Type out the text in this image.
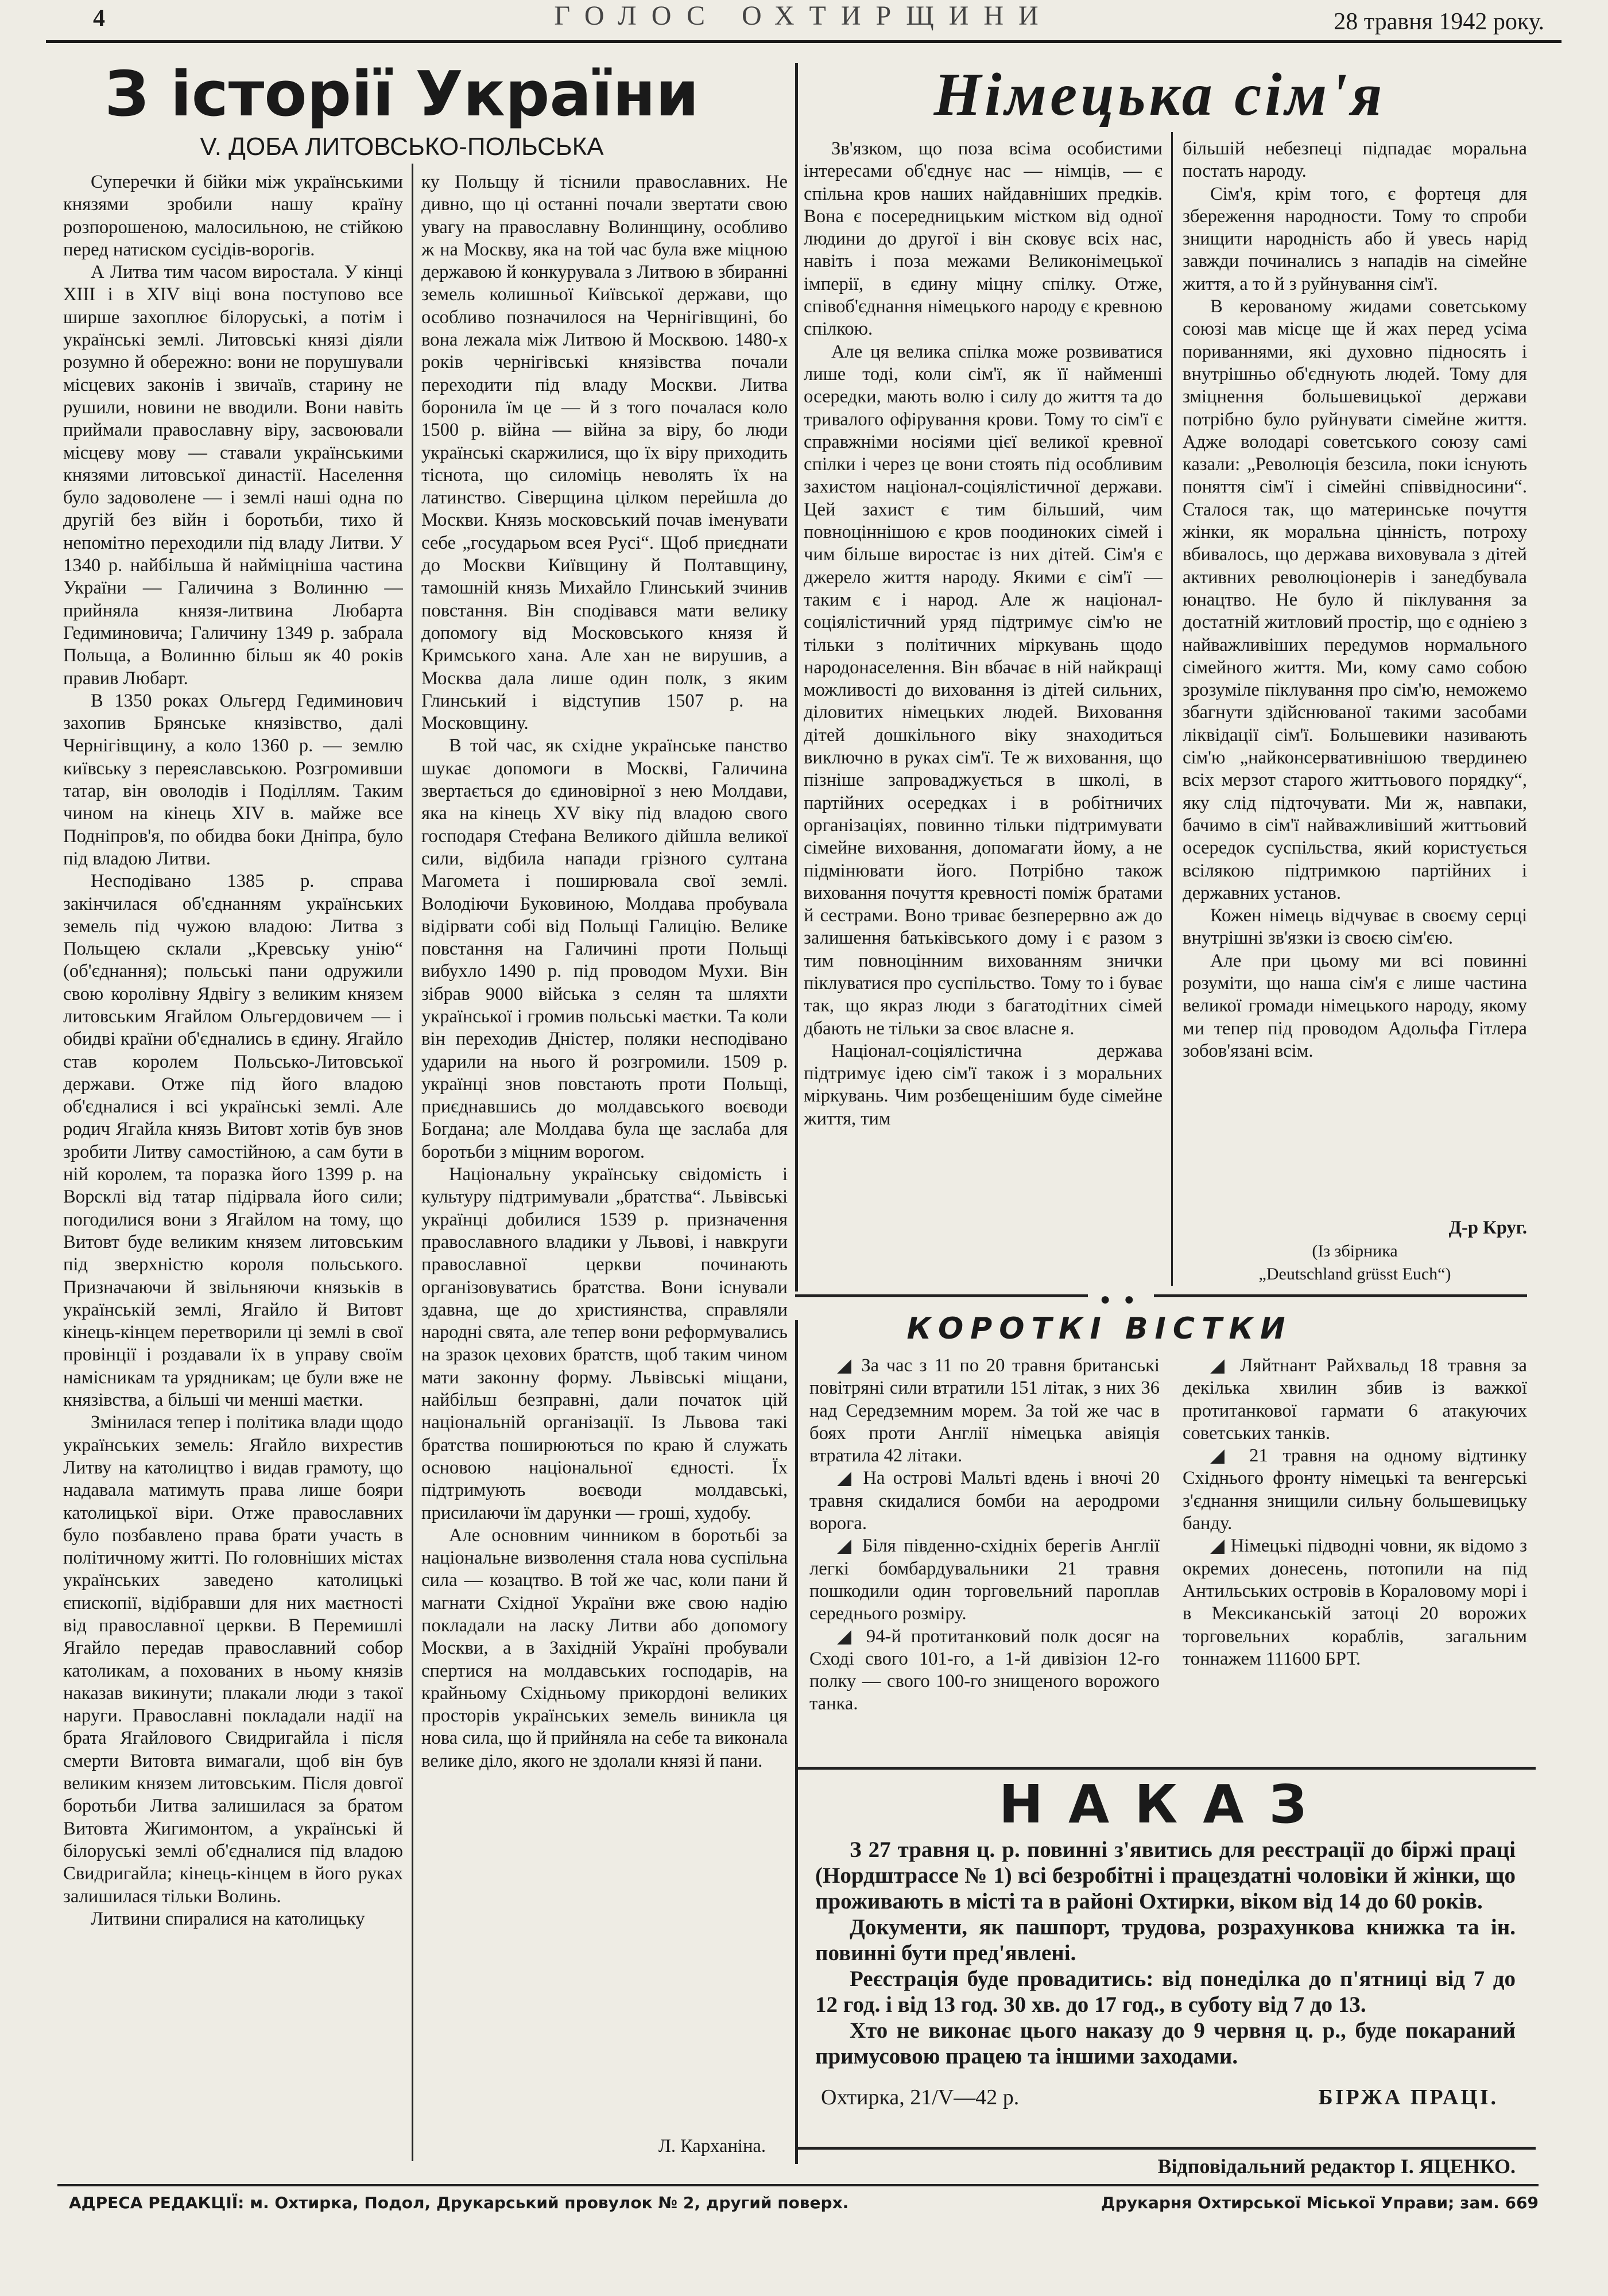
4	ГОЛОС ОХТИРЩИНИ	28 травня 1942 року.
● ●
З історії України
V. ДОБА ЛИТОВСЬКО-ПОЛЬСЬКА

Суперечки й бійки між українськими князями зробили нашу країну розпорошеною, малосильною, не стійкою перед натиском сусідів-ворогів.

А Литва тим часом виростала. У кінці XIII і в XIV віці вона поступово все ширше захоплює білоруські, а потім і українські землі. Литовські князі діяли розумно й обережно: вони не порушували місцевих законів і звичаїв, старину не рушили, новини не вводили. Вони навіть приймали православну віру, засвоювали місцеву мову — ставали українськими князями литовської династії. Населення було задоволене — і землі наші одна по другій без війн і боротьби, тихо й непомітно переходили під владу Литви. У 1340 р. найбільша й найміцніша частина України — Галичина з Волинню — прийняла князя-литвина Любарта Гедиминовича; Галичину 1349 р. забрала Польща, а Волинню більш як 40 років правив Любарт.

В 1350 роках Ольгерд Гедиминович захопив Брянське князівство, далі Чернігівщину, а коло 1360 р. — землю київську з переяславською. Розгромивши татар, він оволодів і Поділлям. Таким чином на кінець XIV в. майже все Подніпров'я, по обидва боки Дніпра, було під владою Литви.

Несподівано 1385 р. справа закінчилася об'єднанням українських земель під чужою владою: Литва з Польщею склали „Кревську унію“ (об'єднання); польські пани одружили свою королівну Ядвігу з великим князем литовським Ягайлом Ольгердовичем — і обидві країни об'єднались в єдину. Ягайло став королем Польсько-Литовської держави. Отже під його владою об'єдналися і всі українські землі. Але родич Ягайла князь Витовт хотів був знов зробити Литву самостійною, а сам бути в ній королем, та поразка його 1399 р. на Ворсклі від татар підірвала його сили; погодилися вони з Ягайлом на тому, що Витовт буде великим князем литовським під зверхністю короля польського. Призначаючи й звільняючи князьків в українській землі, Ягайло й Витовт кінець-кінцем перетворили ці землі в свої провінції і роздавали їх в управу своїм намісникам та урядникам; це були вже не князівства, а більші чи менші маєтки.

Змінилася тепер і політика влади щодо українських земель: Ягайло вихрестив Литву на католицтво і видав грамоту, що надавала матимуть права лише бояри католицької віри. Отже православних було позбавлено права брати участь в політичному житті. По головніших містах українських заведено католицькі єпископії, відібравши для них маєтності від православної церкви. В Перемишлі Ягайло передав православний собор католикам, а похованих в ньому князів наказав викинути; плакали люди з такої наруги. Православні покладали надії на брата Ягайлового Свидригайла і після смерти Витовта вимагали, щоб він був великим князем литовським. Після довгої боротьби Литва залишилася за братом Витовта Жигимонтом, а українські й білоруські землі об'єдналися під владою Свидригайла; кінець-кінцем в його руках залишилася тільки Волинь.

Литвини спиралися на католицьку

ку Польщу й тіснили православних. Не дивно, що ці останні почали звертати свою увагу на православну Волинщину, особливо ж на Москву, яка на той час була вже міцною державою й конкурувала з Литвою в збиранні земель колишньої Київської держави, що особливо позначилося на Чернігівщині, бо вона лежала між Литвою й Москвою. 1480-х років чернігівські князівства почали переходити під владу Москви. Литва боронила їм це — й з того почалася коло 1500 р. війна — війна за віру, бо люди українські скаржилися, що їх віру приходить тіснота, що силоміць неволять їх на латинство. Сіверщина цілком перейшла до Москви. Князь московський почав іменувати себе „государьом всея Русі“. Щоб приєднати до Москви Київщину й Полтавщину, тамошній князь Михайло Глинський зчинив повстання. Він сподівався мати велику допомогу від Московського князя й Кримського хана. Але хан не вирушив, а Москва дала лише один полк, з яким Глинський і відступив 1507 р. на Московщину.

В той час, як східне українське панство шукає допомоги в Москві, Галичина звертається до єдиновірної з нею Молдави, яка на кінець XV віку під владою свого господаря Стефана Великого дійшла великої сили, відбила напади грізного султана Магомета і поширювала свої землі. Володіючи Буковиною, Молдава пробувала відірвати собі від Польщі Галицію. Велике повстання на Галичині проти Польщі вибухло 1490 р. під проводом Мухи. Він зібрав 9000 війська з селян та шляхти української і громив польські маєтки. Та коли він переходив Дністер, поляки несподівано ударили на нього й розгромили. 1509 р. українці знов повстають проти Польщі, приєднавшись до молдавського воєводи Богдана; але Молдава була ще заслаба для боротьби з міцним ворогом.

Національну українську свідомість і культуру підтримували „братства“. Львівські українці добилися 1539 р. призначення православного владики у Львові, і навкруги православної церкви починають організовуватись братства. Вони існували здавна, ще до християнства, справляли народні свята, але тепер вони реформувались на зразок цехових братств, щоб таким чином мати законну форму. Львівські міщани, найбільш безправні, дали початок цій національній організації. Із Львова такі братства поширюються по краю й служать основою національної єдності. Їх підтримують воєводи молдавські, присилаючи їм дарунки — гроші, худобу.

Але основним чинником в боротьбі за національне визволення стала нова суспільна сила — козацтво. В той же час, коли пани й магнати Східної України вже свою надію покладали на ласку Литви або допомогу Москви, а в Західній Україні пробували спертися на молдавських господарів, на крайньому Східньому прикордоні великих просторів українських земель виникла ця нова сила, що й прийняла на себе та виконала велике діло, якого не здолали князі й пани.

Л. Карханіна.
Німецька сім'я

Зв'язком, що поза всіма особистими інтересами об'єднує нас — німців, — є спільна кров наших найдавніших предків. Вона є посередницьким містком від одної людини до другої і він сковує всіх нас, навіть і поза межами Великонімецької імперії, в єдину міцну спілку. Отже, співоб'єднання німецького народу є кревною спілкою.

Але ця велика спілка може розвиватися лише тоді, коли сім'ї, як її найменші осередки, мають волю і силу до життя та до тривалого офірування крови. Тому то сім'ї є справжніми носіями цієї великої кревної спілки і через це вони стоять під особливим захистом націонал-соціялістичної держави. Цей захист є тим більший, чим повноціннішою є кров поодиноких сімей і чим більше виростає із них дітей. Сім'я є джерело життя народу. Якими є сім'ї — таким є і народ. Але ж націонал-соціялістичний уряд підтримує сім'ю не тільки з політичних міркувань щодо народонаселення. Він вбачає в ній найкращі можливості до виховання із дітей сильних, діловитих німецьких людей. Виховання дітей дошкільного віку знаходиться виключно в руках сім'ї. Те ж виховання, що пізніше запроваджується в школі, в партійних осередках і в робітничих організаціях, повинно тільки підтримувати сімейне виховання, допомагати йому, а не підмінювати його. Потрібно також виховання почуття кревності поміж братами й сестрами. Воно триває безперервно аж до залишення батьківського дому і є разом з тим повноцінним вихованням знички піклуватися про суспільство. Тому то і буває так, що якраз люди з багатодітних сімей дбають не тільки за своє власне я.

Націонал-соціялістична держава підтримує ідею сім'ї також і з моральних міркувань. Чим розбещенішим буде сімейне життя, тим

більшій небезпеці підпадає моральна постать народу.

Сім'я, крім того, є фортеця для збереження народности. Тому то спроби знищити народність або й увесь нарід завжди починались з нападів на сімейне життя, а то й з руйнування сім'ї.

В керованому жидами советському союзі мав місце ще й жах перед усіма пориваннями, які духовно підносять і внутрішньо об'єднують людей. Тому для змiцнення большевицької держави потрібно було руйнувати сімейне життя. Адже володарі советського союзу самі казали: „Революція безсила, поки існують поняття сім'ї і сімейні співвідносини“. Сталося так, що материнське почуття жінки, як моральна цінність, потроху вбивалось, що держава виховувала з дітей активних революціонерів і занедбувала юнацтво. Не було й піклування за достатній житловий простір, що є одніею з найважливіших передумов нормального сімейного життя. Ми, кому само собою зрозуміле піклування про сім'ю, неможемо збагнути здійснюваної такими засобами ліквідації сім'ї. Большевики називають сім'ю „найконсервативнішою твердинею всіх мерзот старого життьового порядку“, яку слід підточувати. Ми ж, навпаки, бачимо в сім'ї найважливіший життьовий осередок суспільства, який користується всілякою підтримкою партійних і державних установ.

Кожен німець відчуває в своєму серці внутрішні зв'язки із своєю сім'єю.

Але при цьому ми всі повинні розуміти, що наша сім'я є лише частина великої громади німецького народу, якому ми тепер під проводом Адольфа Гітлера зобов'язані всім.

Д-р Круг.
(Із збірника
„Deutschland grüsst Euch“)
КОРОТКІ ВІСТКИ

◢ За час з 11 по 20 травня британські повітряні сили втратили 151 літак, з них 36 над Середземним морем. За той же час в боях проти Англії німецька авіяція втратила 42 літаки.

◢ На острові Мальті вдень і вночі 20 травня скидалися бомби на аеродроми ворога.

◢ Біля південно-східніх берегів Англії легкі бомбардувальники 21 травня пошкодили один торговельний пароплав середнього розміру.

◢ 94-й протитанковий полк досяг на Сході свого 101-го, а 1-й дивізіон 12-го полку — свого 100-го знищеного ворожого танка.

◢ Ляйтнант Райхвальд 18 травня за декілька хвилин збив із важкої протитанкової гармати 6 атакуючих советських танків.

◢ 21 травня на одному відтинку Східнього фронту німецькі та венгерські з'єднання знищили сильну большевицьку банду.

◢ Німецькі підводні човни, як відомо з окремих донесень, потопили на під Антильських островів в Кораловому морі і в Мексиканській затоці 20 ворожих торговельних кораблів, загальним тоннажем 111600 БРТ.

НАКАЗ

З 27 травня ц. р. повинні з'явитись для реєстрації до біржі праці (Нордштрассе № 1) всі безробітні і працездатні чоловіки й жінки, що проживають в місті та в районі Охтирки, віком від 14 до 60 років.

Документи, як пашпорт, трудова, розрахункова книжка та ін. повинні бути пред'явлені.

Реєстрація буде провадитись: від понеділка до п'ятниці від 7 до 12 год. і від 13 год. 30 хв. до 17 год., в суботу від 7 до 13.

Хто не виконає цього наказу до 9 червня ц. р., буде покараний примусовою працею та іншими заходами.

Охтирка, 21/V—42 р.	БІРЖА ПРАЦІ.
Відповідальний редактор І. ЯЦЕНКО.
АДРЕСА РЕДАКЦІЇ: м. Охтирка, Подол, Друкарський провулок № 2, другий поверх.	Друкарня Охтирської Міської Управи; зам. 669
